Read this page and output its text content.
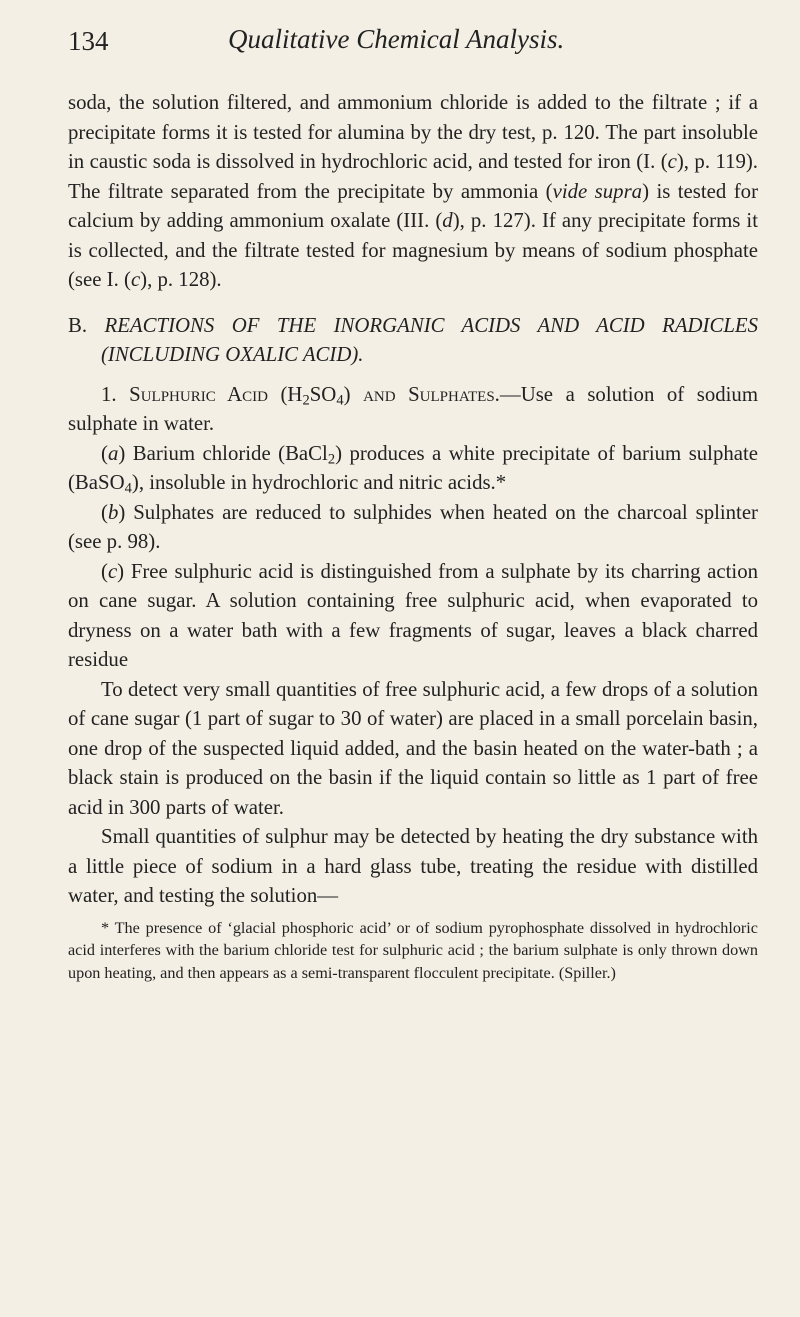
134	Qualitative Chemical Analysis.

soda, the solution filtered, and ammonium chloride is added to the filtrate ; if a precipitate forms it is tested for alumina by the dry test, p. 120. The part insoluble in caustic soda is dissolved in hydrochloric acid, and tested for iron (I. (c), p. 119). The filtrate separated from the precipitate by ammonia (vide supra) is tested for calcium by adding ammonium oxalate (III. (d), p. 127). If any precipitate forms it is collected, and the filtrate tested for magnesium by means of sodium phosphate (see I. (c), p. 128).

B. REACTIONS OF THE INORGANIC ACIDS AND ACID RADICLES (INCLUDING OXALIC ACID).

1. Sulphuric Acid $(H_2SO_4)$ and Sulphates.—Use a solution of sodium sulphate in water.

(a) Barium chloride (BaCl$_2$) produces a white precipitate of barium sulphate (BaSO$_4$), insoluble in hydrochloric and nitric acids.*

(b) Sulphates are reduced to sulphides when heated on the charcoal splinter (see p. 98).

(c) Free sulphuric acid is distinguished from a sulphate by its charring action on cane sugar. A solution containing free sulphuric acid, when evaporated to dryness on a water bath with a few fragments of sugar, leaves a black charred residue

To detect very small quantities of free sulphuric acid, a few drops of a solution of cane sugar (1 part of sugar to 30 of water) are placed in a small porcelain basin, one drop of the suspected liquid added, and the basin heated on the water-bath ; a black stain is produced on the basin if the liquid contain so little as 1 part of free acid in 300 parts of water.

Small quantities of sulphur may be detected by heating the dry substance with a little piece of sodium in a hard glass tube, treating the residue with distilled water, and testing the solution—

* The presence of ‘glacial phosphoric acid’ or of sodium pyrophosphate dissolved in hydrochloric acid interferes with the barium chloride test for sulphuric acid ; the barium sulphate is only thrown down upon heating, and then appears as a semi-transparent flocculent precipitate. (Spiller.)
